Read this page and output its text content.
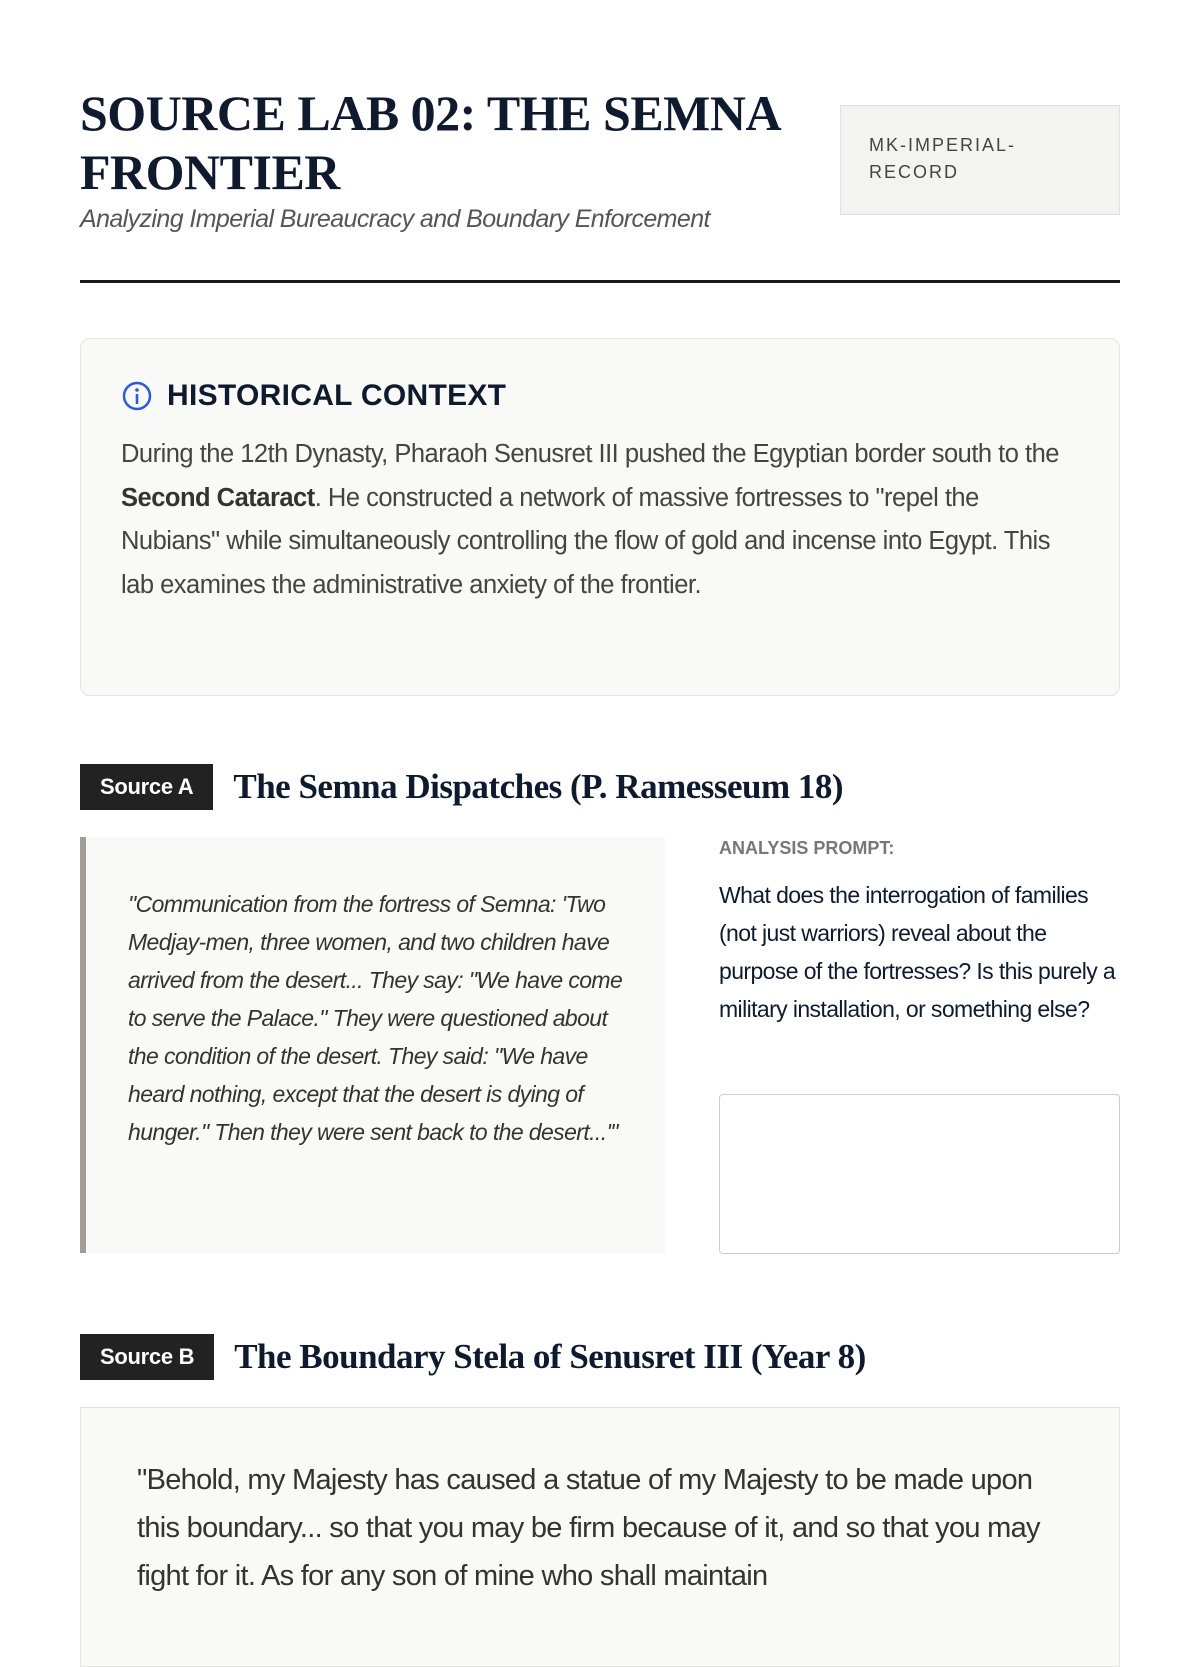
SOURCE LAB 02: THE SEMNA FRONTIER
Analyzing Imperial Bureaucracy and Boundary Enforcement
MK-IMPERIAL-RECORD
HISTORICAL CONTEXT

During the 12th Dynasty, Pharaoh Senusret III pushed the Egyptian border south to the Second Cataract. He constructed a network of massive fortresses to "repel the Nubians" while simultaneously controlling the flow of gold and incense into Egypt. This lab examines the administrative anxiety of the frontier.

Source A	The Semna Dispatches (P. Ramesseum 18)
"Communication from the fortress of Semna: 'Two Medjay-men, three women, and two children have arrived from the desert... They say: "We have come to serve the Palace." They were questioned about the condition of the desert. They said: "We have heard nothing, except that the desert is dying of hunger." Then they were sent back to the desert...'"
ANALYSIS PROMPT:
What does the interrogation of families (not just warriors) reveal about the purpose of the fortresses? Is this purely a military installation, or something else?
Source B	The Boundary Stela of Senusret III (Year 8)
"Behold, my Majesty has caused a statue of my Majesty to be made upon this boundary... so that you may be firm because of it, and so that you may fight for it. As for any son of mine who shall maintain
